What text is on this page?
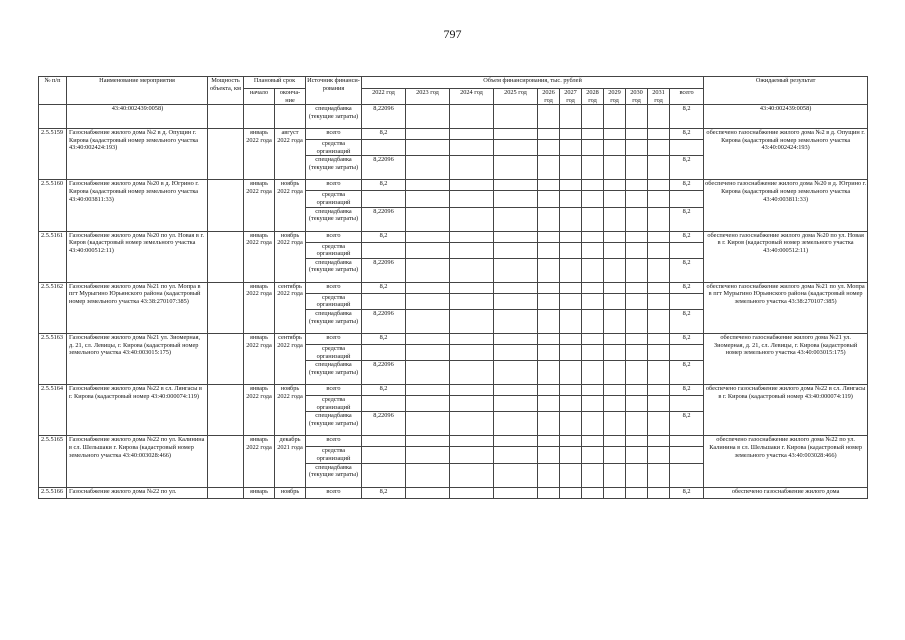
797
№ п/п	Наименование мероприятия	Мощность объекта, км	Плановый срок		Источник финанси-рования	Объем финансирования, тыс. рублей											Ожидаемый результат
			начало	оконча-ние		2022 год	2023 год	2024 год	2025 год	2026 год	2027 год	2028 год	2029 год	2030 год	2031 год	всего	

	43:40:002439:0058)				спецнадбавка (текущие затраты)	8,22096										8,2	43:40:002439:0058)
2.5.5159	Газоснабжение жилого дома №2 в д. Опущин г. Кирова (кадастровый номер земельного участка 43:40:002424:193)		январь 2022 года	август 2022 года	всего	8,2										8,2	обеспечено газоснабжение жилого дома №2 в д. Опущин г. Кирова (кадастровый номер земельного участка 43:40:002424:193)
					средства организаций												
					спецнадбавка (текущие затраты)	8,22096										8,2	
2.5.5160	Газоснабжение жилого дома №20 в д. Югрино г. Кирова (кадастровый номер земельного участка 43:40:003811:33)		январь 2022 года	ноябрь 2022 года	всего	8,2										8,2	обеспечено газоснабжение жилого дома №20 в д. Югрино г. Кирова (кадастровый номер земельного участка 43:40:003811:33)
					средства организаций												
					спецнадбавка (текущие затраты)	8,22096										8,2	
2.5.5161	Газоснабжение жилого дома №20 по ул. Новая в г. Киров (кадастровый номер земельного участка 43:40:000512:11)		январь 2022 года	ноябрь 2022 года	всего	8,2										8,2	обеспечено газоснабжение жилого дома №20 по ул. Новая в г. Киров (кадастровый номер земельного участка 43:40:000512:11)
					средства организаций												
					спецнадбавка (текущие затраты)	8,22096										8,2	
2.5.5162	Газоснабжение жилого дома №21 по ул. Мопра в пгт Мурыгино Юрьянского района (кадастровый номер земельного участка 43:38:270107:385)		январь 2022 года	сентябрь 2022 года	всего	8,2										8,2	обеспечено газоснабжение жилого дома №21 по ул. Мопра в пгт Мурыгино Юрьянского района (кадастровый номер земельного участка 43:38:270107:385)
					средства организаций												
					спецнадбавка (текущие затраты)	8,22096										8,2	
2.5.5163	Газоснабжение жилого дома №21 ул. Зиомерная, д. 21, сл. Левицы, г. Кирова (кадастровый номер земельного участка 43:40:003015:175)		январь 2022 года	сентябрь 2022 года	всего	8,2										8,2	обеспечено газоснабжение жилого дома №21 ул. Зиомерная, д. 21, сл. Левицы, г. Кирова (кадастровый номер земельного участка 43:40:003015:175)
					средства организаций												
					спецнадбавка (текущие затраты)	8,22096										8,2	
2.5.5164	Газоснабжение жилого дома №22 в сл. Лянгасы в г. Кирова (кадастровый номер 43:40:000074:119)		январь 2022 года	ноябрь 2022 года	всего	8,2										8,2	обеспечено газоснабжение жилого дома №22 в сл. Лянгасы в г. Кирова (кадастровый номер 43:40:000074:119)
					средства организаций												
					спецнадбавка (текущие затраты)	8,22096										8,2	
2.5.5165	Газоснабжение жилого дома №22 по ул. Калинина в сл. Шельшаки г. Кирова (кадастровый номер земельного участка 43:40:003028:466)		январь 2022 года	декабрь 2021 года	всего												обеспечено газоснабжение жилого дома №22 по ул. Калинина в сл. Шельшаки г. Кирова (кадастровый номер земельного участка 43:40:003028:466)
					средства организаций												
					спецнадбавка (текущие затраты)												
2.5.5166	Газоснабжение жилого дома №22 по ул.		январь	ноябрь	всего	8,2										8,2	обеспечено газоснабжение жилого дома
